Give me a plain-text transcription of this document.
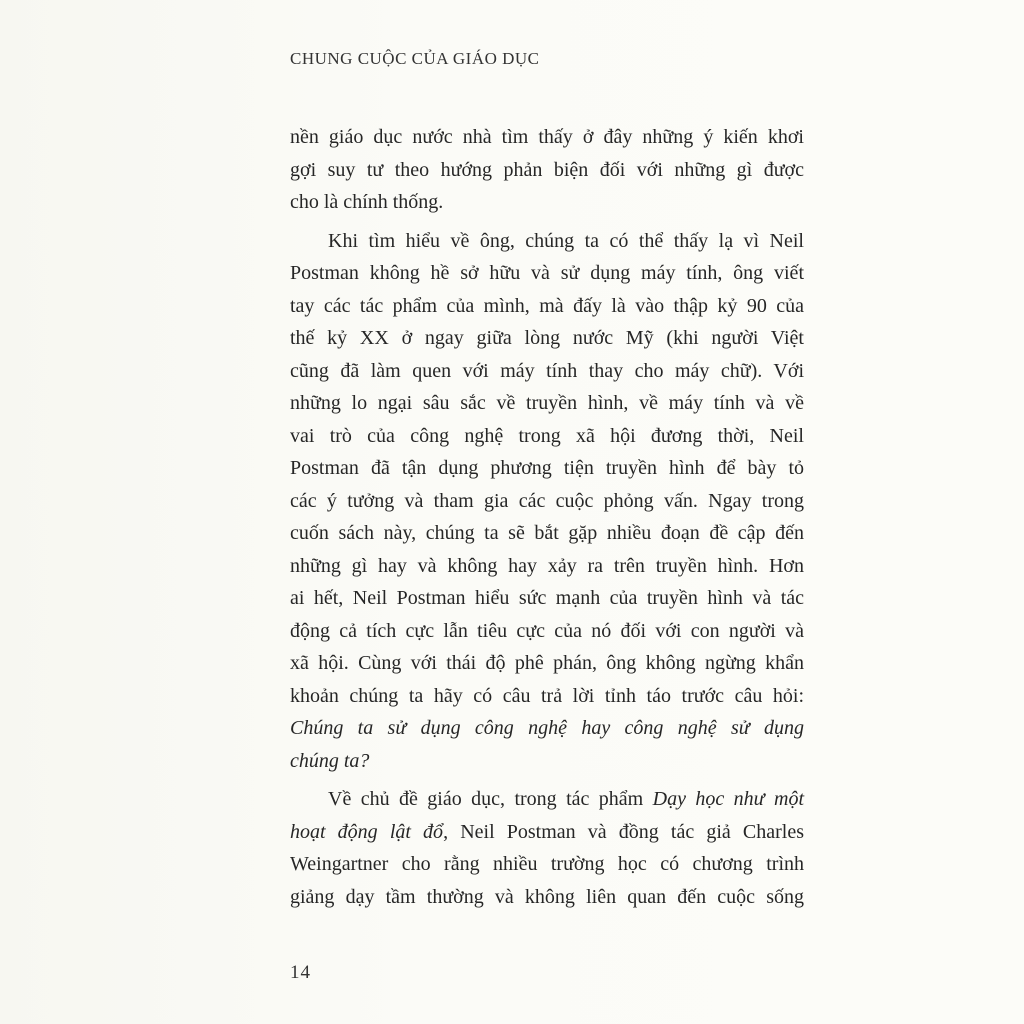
CHUNG CUỘC CỦA GIÁO DỤC
nền giáo dục nước nhà tìm thấy ở đây những ý kiến khơi
gợi suy tư theo hướng phản biện đối với những gì được
cho là chính thống.
Khi tìm hiểu về ông, chúng ta có thể thấy lạ vì Neil
Postman không hề sở hữu và sử dụng máy tính, ông viết
tay các tác phẩm của mình, mà đấy là vào thập kỷ 90 của
thế kỷ XX ở ngay giữa lòng nước Mỹ (khi người Việt
cũng đã làm quen với máy tính thay cho máy chữ). Với
những lo ngại sâu sắc về truyền hình, về máy tính và về
vai trò của công nghệ trong xã hội đương thời, Neil
Postman đã tận dụng phương tiện truyền hình để bày tỏ
các ý tưởng và tham gia các cuộc phỏng vấn. Ngay trong
cuốn sách này, chúng ta sẽ bắt gặp nhiều đoạn đề cập đến
những gì hay và không hay xảy ra trên truyền hình. Hơn
ai hết, Neil Postman hiểu sức mạnh của truyền hình và tác
động cả tích cực lẫn tiêu cực của nó đối với con người và
xã hội. Cùng với thái độ phê phán, ông không ngừng khẩn
khoản chúng ta hãy có câu trả lời tỉnh táo trước câu hỏi:
Chúng ta sử dụng công nghệ hay công nghệ sử dụng
chúng ta?
Về chủ đề giáo dục, trong tác phẩm Dạy học như một
hoạt động lật đổ, Neil Postman và đồng tác giả Charles
Weingartner cho rằng nhiều trường học có chương trình
giảng dạy tầm thường và không liên quan đến cuộc sống
14
